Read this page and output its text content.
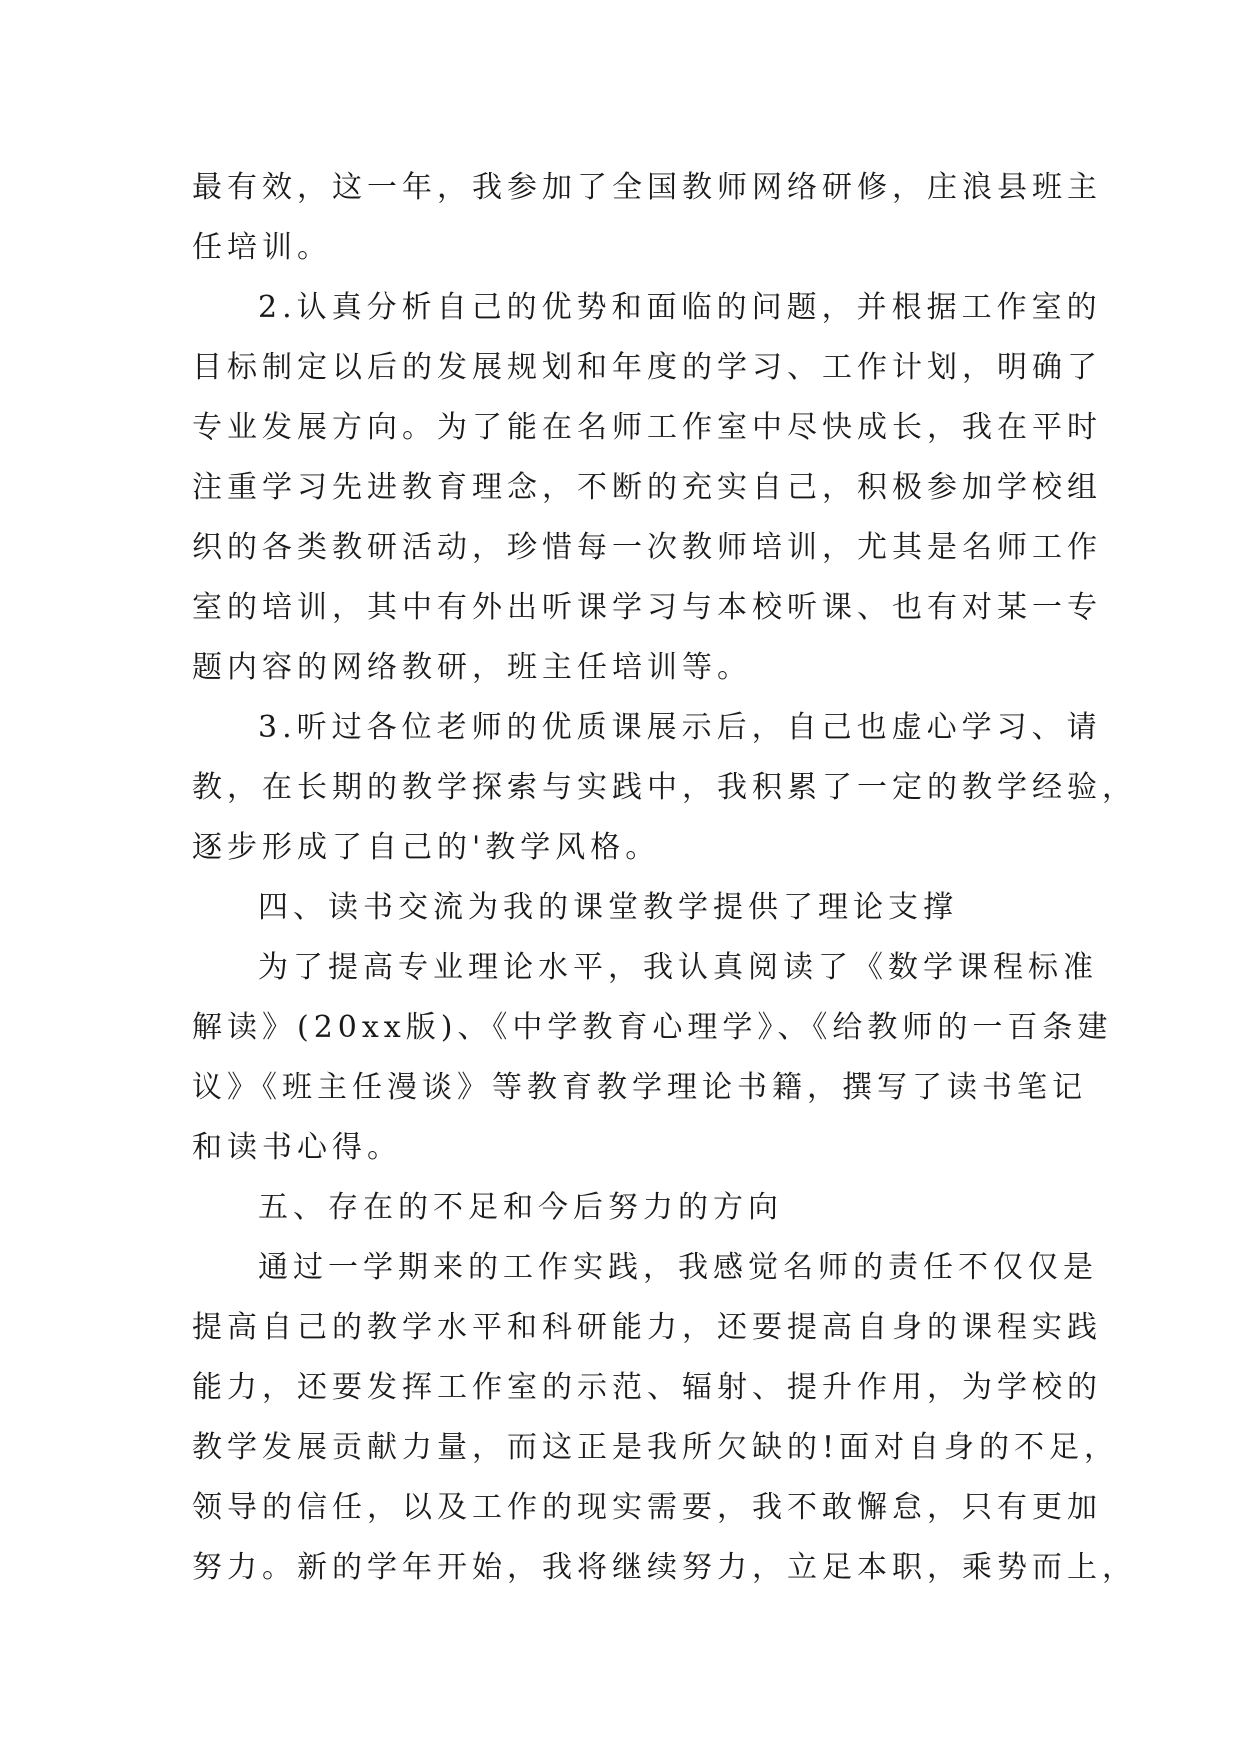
最有效，这一年，我参加了全国教师网络研修，庄浪县班主
任培训。
2.认真分析自己的优势和面临的问题，并根据工作室的
目标制定以后的发展规划和年度的学习、工作计划，明确了
专业发展方向。为了能在名师工作室中尽快成长，我在平时
注重学习先进教育理念，不断的充实自己，积极参加学校组
织的各类教研活动，珍惜每一次教师培训，尤其是名师工作
室的培训，其中有外出听课学习与本校听课、也有对某一专
题内容的网络教研，班主任培训等。
3.听过各位老师的优质课展示后，自己也虚心学习、请
教，在长期的教学探索与实践中，我积累了一定的教学经验，
逐步形成了自己的'教学风格。
四、读书交流为我的课堂教学提供了理论支撑
为了提高专业理论水平，我认真阅读了《数学课程标准
解读》(20xx版)、《中学教育心理学》、《给教师的一百条建
议》《班主任漫谈》等教育教学理论书籍，撰写了读书笔记
和读书心得。
五、存在的不足和今后努力的方向
通过一学期来的工作实践，我感觉名师的责任不仅仅是
提高自己的教学水平和科研能力，还要提高自身的课程实践
能力，还要发挥工作室的示范、辐射、提升作用，为学校的
教学发展贡献力量，而这正是我所欠缺的!面对自身的不足，
领导的信任，以及工作的现实需要，我不敢懈怠，只有更加
努力。新的学年开始，我将继续努力，立足本职，乘势而上，
